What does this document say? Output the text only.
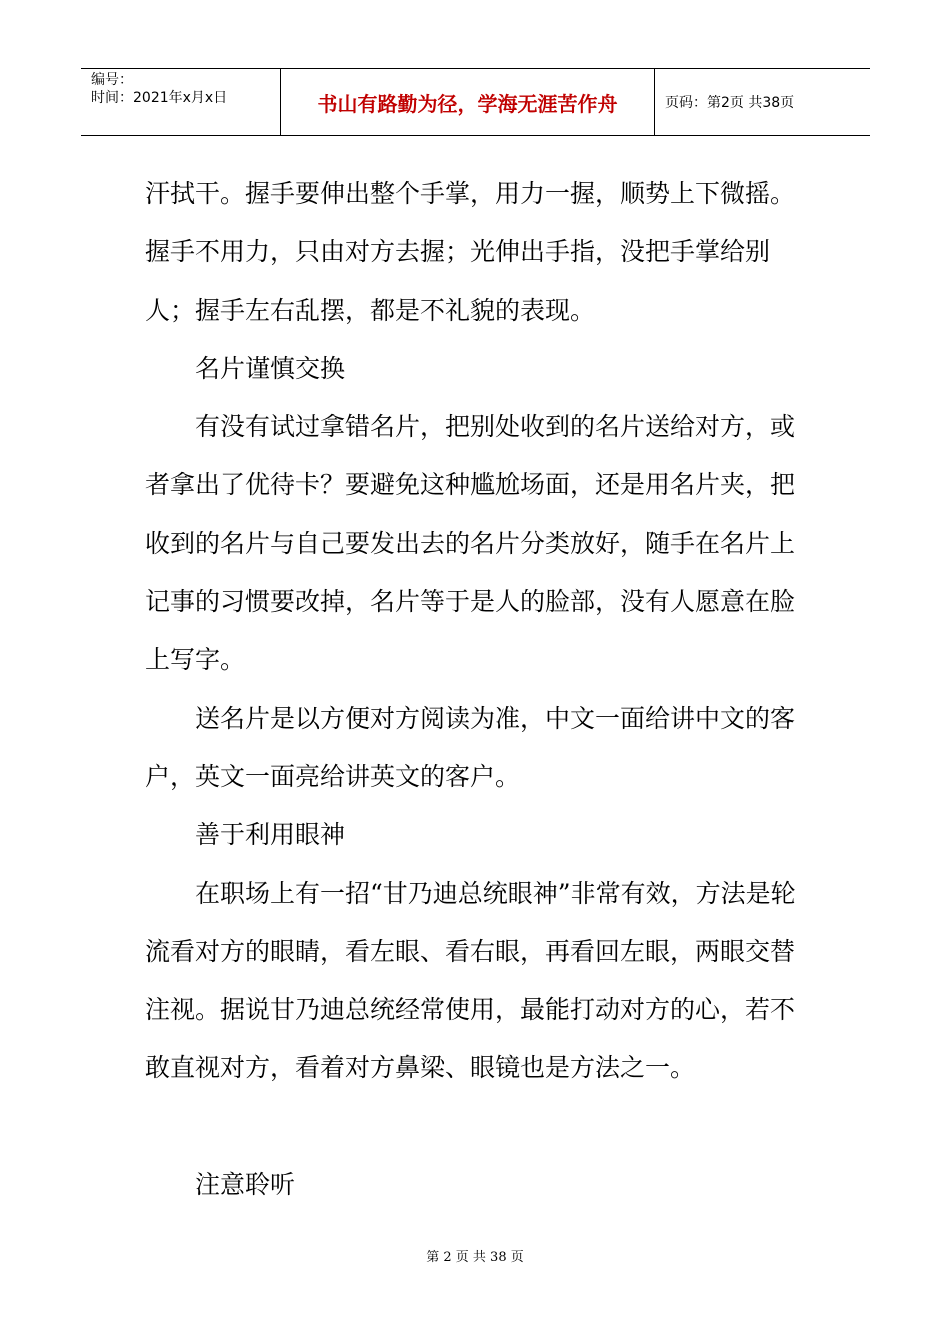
编号：
时间：2021年x月x日	书山有路勤为径，学海无涯苦作舟	页码：第2页 共38页

汗拭干。握手要伸出整个手掌，用力一握，顺势上下微摇。握手不用力，只由对方去握；光伸出手指，没把手掌给别人；握手左右乱摆，都是不礼貌的表现。

名片谨慎交换

有没有试过拿错名片，把别处收到的名片送给对方，或者拿出了优待卡？要避免这种尴尬场面，还是用名片夹，把收到的名片与自己要发出去的名片分类放好，随手在名片上记事的习惯要改掉，名片等于是人的脸部，没有人愿意在脸上写字。

送名片是以方便对方阅读为准，中文一面给讲中文的客户，英文一面亮给讲英文的客户。

善于利用眼神

在职场上有一招“甘乃迪总统眼神”非常有效，方法是轮流看对方的眼睛，看左眼、看右眼，再看回左眼，两眼交替注视。据说甘乃迪总统经常使用，最能打动对方的心，若不敢直视对方，看着对方鼻梁、眼镜也是方法之一。

注意聆听

第 2 页 共 38 页
